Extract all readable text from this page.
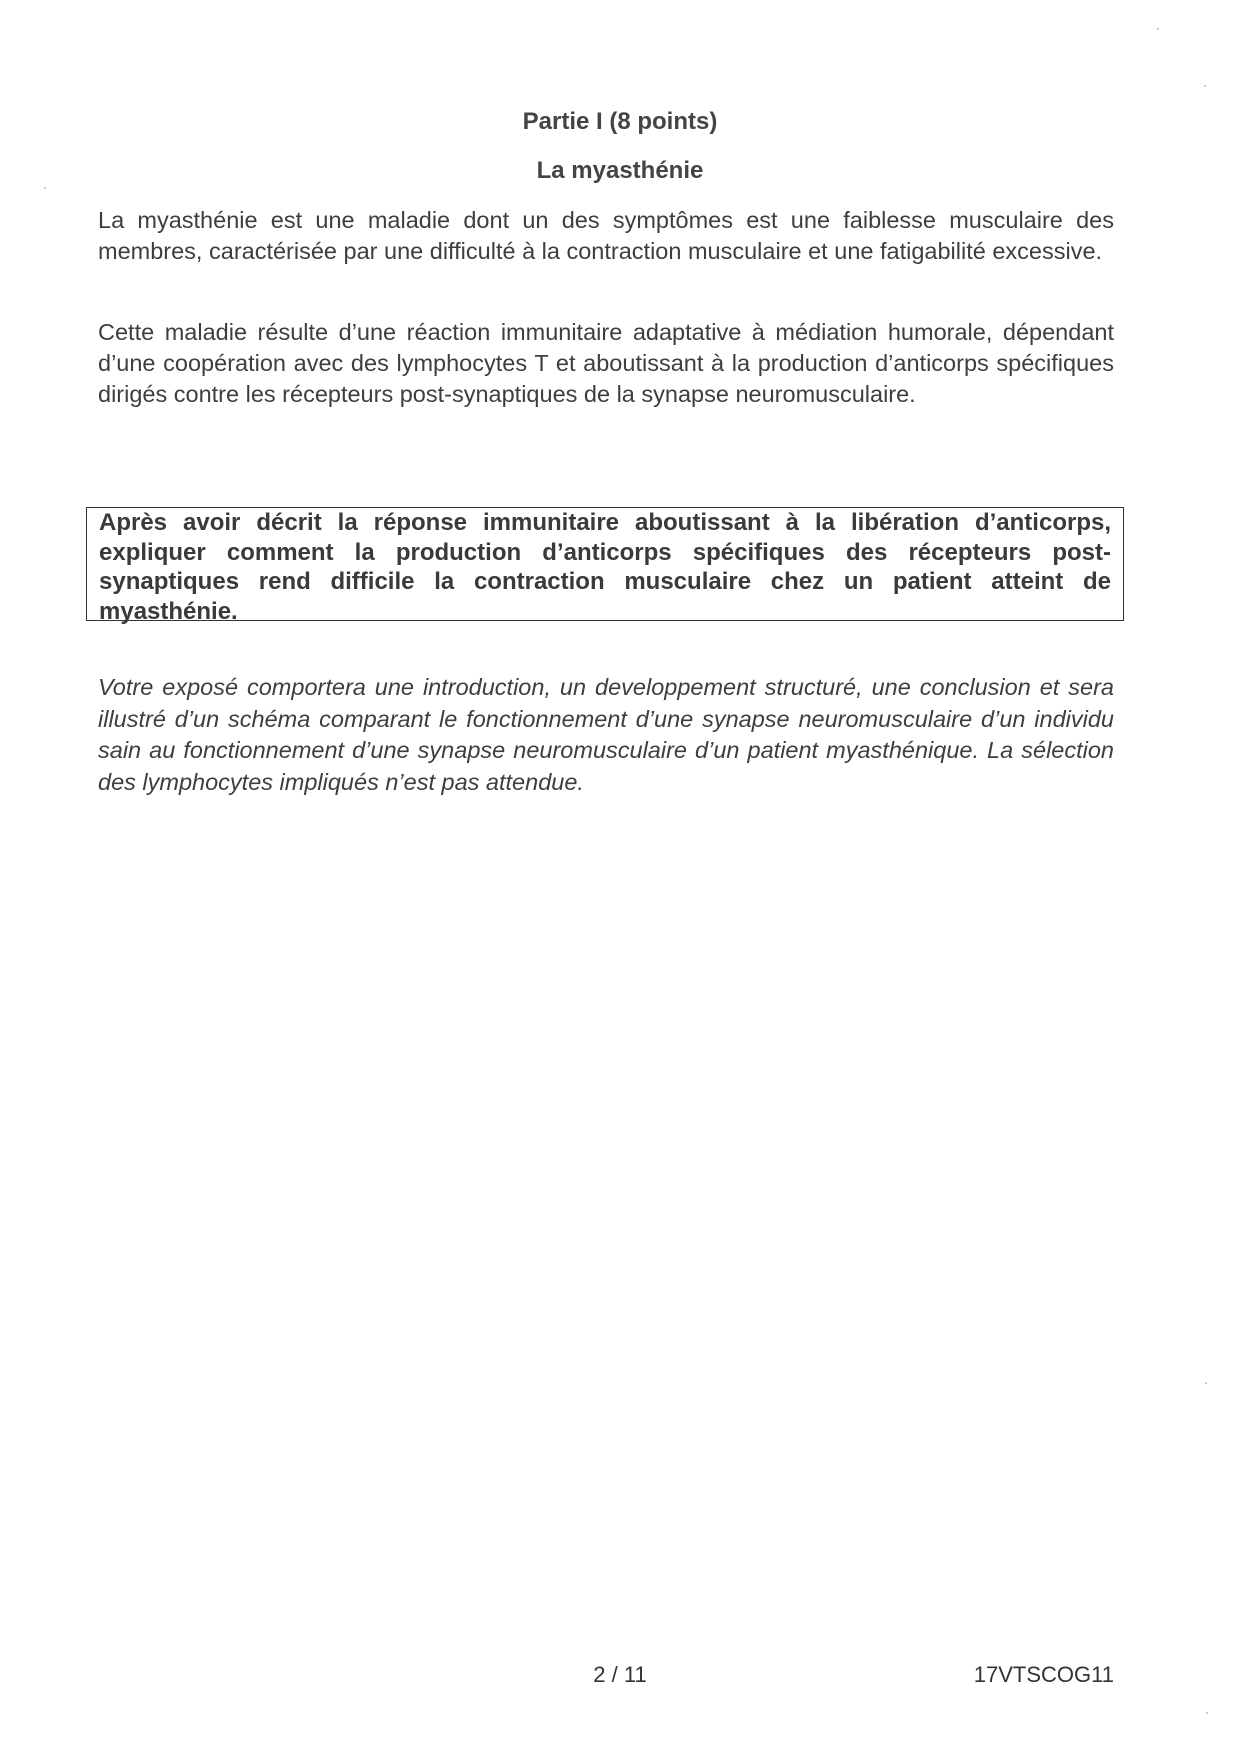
Partie I (8 points)
La myasthénie

La myasthénie est une maladie dont un des symptômes est une faiblesse musculaire des membres, caractérisée par une difficulté à la contraction musculaire et une fatigabilité excessive.

Cette maladie résulte d’une réaction immunitaire adaptative à médiation humorale, dépendant d’une coopération avec des lymphocytes T et aboutissant à la production d’anticorps spécifiques dirigés contre les récepteurs post-synaptiques de la synapse neuromusculaire.

Après avoir décrit la réponse immunitaire aboutissant à la libération d’anticorps, expliquer comment la production d’anticorps spécifiques des récepteurs post-synaptiques rend difficile la contraction musculaire chez un patient atteint de myasthénie.

Votre exposé comportera une introduction, un developpement structuré, une conclusion et sera illustré d’un schéma comparant le fonctionnement d’une synapse neuromusculaire d’un individu sain au fonctionnement d’une synapse neuromusculaire d’un patient myasthénique. La sélection des lymphocytes impliqués n’est pas attendue.

2 / 11	17VTSCOG11
